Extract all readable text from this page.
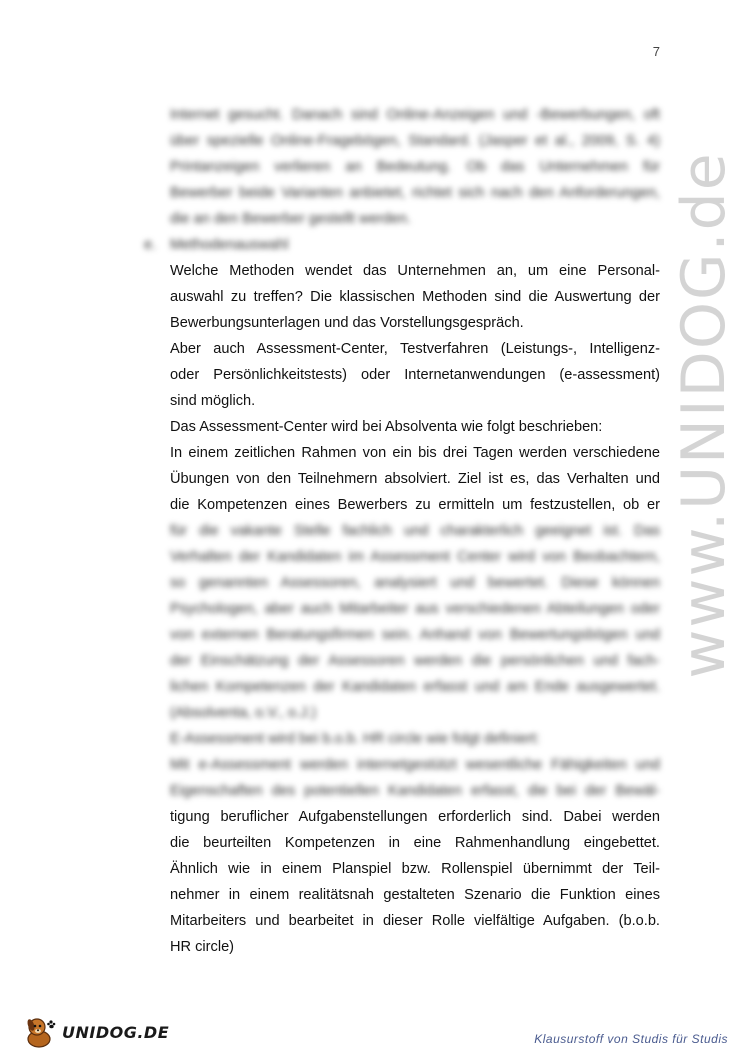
7
www.UNIDOG.de
Internet gesucht. Danach sind Online-Anzeigen und -Bewerbungen, oft
über spezielle Online-Fragebögen, Standard. (Jasper et al., 2009, S. 4)
Printanzeigen verlieren an Bedeutung. Ob das Unternehmen für
Bewerber beide Varianten anbietet, richtet sich nach den Anforderungen,
die an den Bewerber gestellt werden.
e. Methodenauswahl
Welche Methoden wendet das Unternehmen an, um eine Personal-
auswahl zu treffen? Die klassischen Methoden sind die Auswertung der
Bewerbungsunterlagen und das Vorstellungsgespräch.
Aber auch Assessment-Center, Testverfahren (Leistungs-, Intelligenz-
oder Persönlichkeitstests) oder Internetanwendungen (e-assessment)
sind möglich.
Das Assessment-Center wird bei Absolventa wie folgt beschrieben:
In einem zeitlichen Rahmen von ein bis drei Tagen werden verschiedene
Übungen von den Teilnehmern absolviert. Ziel ist es, das Verhalten und
die Kompetenzen eines Bewerbers zu ermitteln um festzustellen, ob er
für die vakante Stelle fachlich und charakterlich geeignet ist. Das
Verhalten der Kandidaten im Assessment Center wird von Beobachtern,
so genannten Assessoren, analysiert und bewertet. Diese können
Psychologen, aber auch Mitarbeiter aus verschiedenen Abteilungen oder
von externen Beratungsfirmen sein. Anhand von Bewertungsbögen und
der Einschätzung der Assessoren werden die persönlichen und fach-
lichen Kompetenzen der Kandidaten erfasst und am Ende ausgewertet.
(Absolventa, o.V., o.J.)
E-Assessment wird bei b.o.b. HR circle wie folgt definiert:
Mit e-Assessment werden internetgestützt wesentliche Fähigkeiten und
Eigenschaften des potentiellen Kandidaten erfasst, die bei der Bewäl-
tigung beruflicher Aufgabenstellungen erforderlich sind. Dabei werden
die beurteilten Kompetenzen in eine Rahmenhandlung eingebettet.
Ähnlich wie in einem Planspiel bzw. Rollenspiel übernimmt der Teil-
nehmer in einem realitätsnah gestalteten Szenario die Funktion eines
Mitarbeiters und bearbeitet in dieser Rolle vielfältige Aufgaben. (b.o.b.
HR circle)
UNIDOG.DE	Klausurstoff von Studis für Studis
